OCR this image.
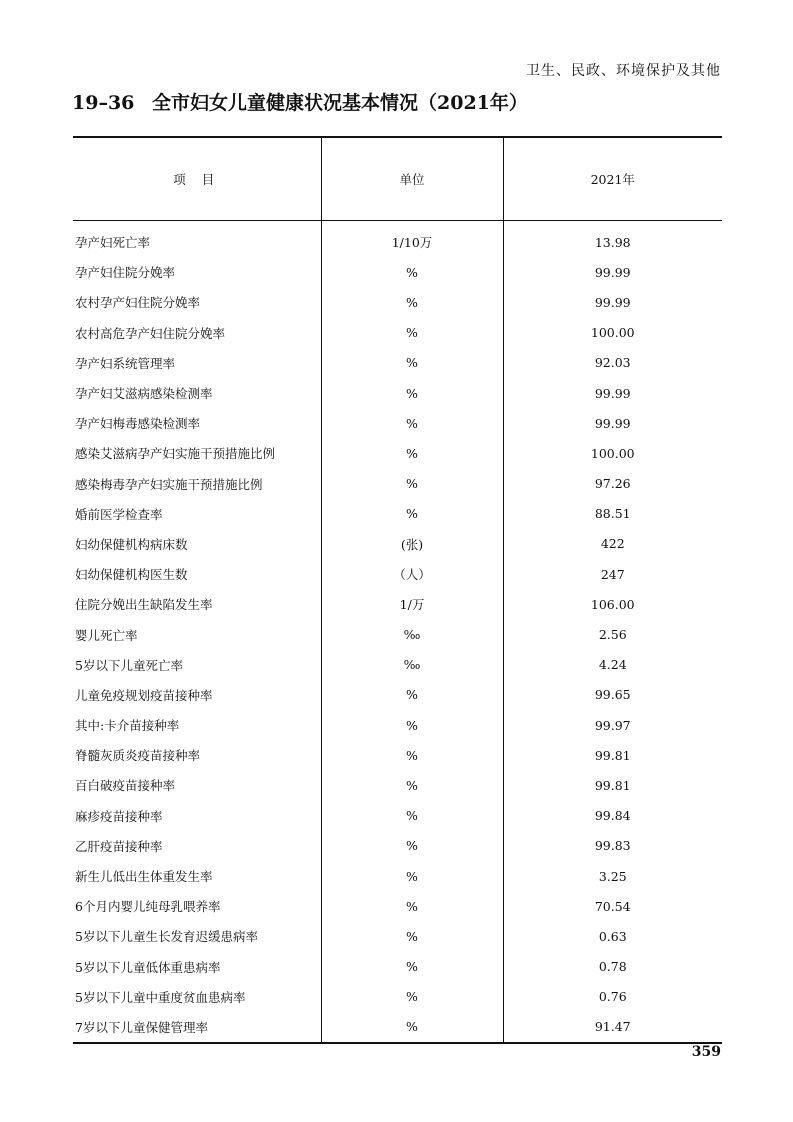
卫生、民政、环境保护及其他
19–36 全市妇女儿童健康状况基本情况（2021年）
项 目	单位	2021年
孕产妇死亡率	1/10万	13.98
孕产妇住院分娩率	%	99.99
农村孕产妇住院分娩率	%	99.99
农村高危孕产妇住院分娩率	%	100.00
孕产妇系统管理率	%	92.03
孕产妇艾滋病感染检测率	%	99.99
孕产妇梅毒感染检测率	%	99.99
感染艾滋病孕产妇实施干预措施比例	%	100.00
感染梅毒孕产妇实施干预措施比例	%	97.26
婚前医学检查率	%	88.51
妇幼保健机构病床数	(张)	422
妇幼保健机构医生数	（人）	247
住院分娩出生缺陷发生率	1/万	106.00
婴儿死亡率	‰	2.56
5岁以下儿童死亡率	‰	4.24
儿童免疫规划疫苗接种率	%	99.65
其中:卡介苗接种率	%	99.97
脊髓灰质炎疫苗接种率	%	99.81
百白破疫苗接种率	%	99.81
麻疹疫苗接种率	%	99.84
乙肝疫苗接种率	%	99.83
新生儿低出生体重发生率	%	3.25
6个月内婴儿纯母乳喂养率	%	70.54
5岁以下儿童生长发育迟缓患病率	%	0.63
5岁以下儿童低体重患病率	%	0.78
5岁以下儿童中重度贫血患病率	%	0.76
7岁以下儿童保健管理率	%	91.47
359
